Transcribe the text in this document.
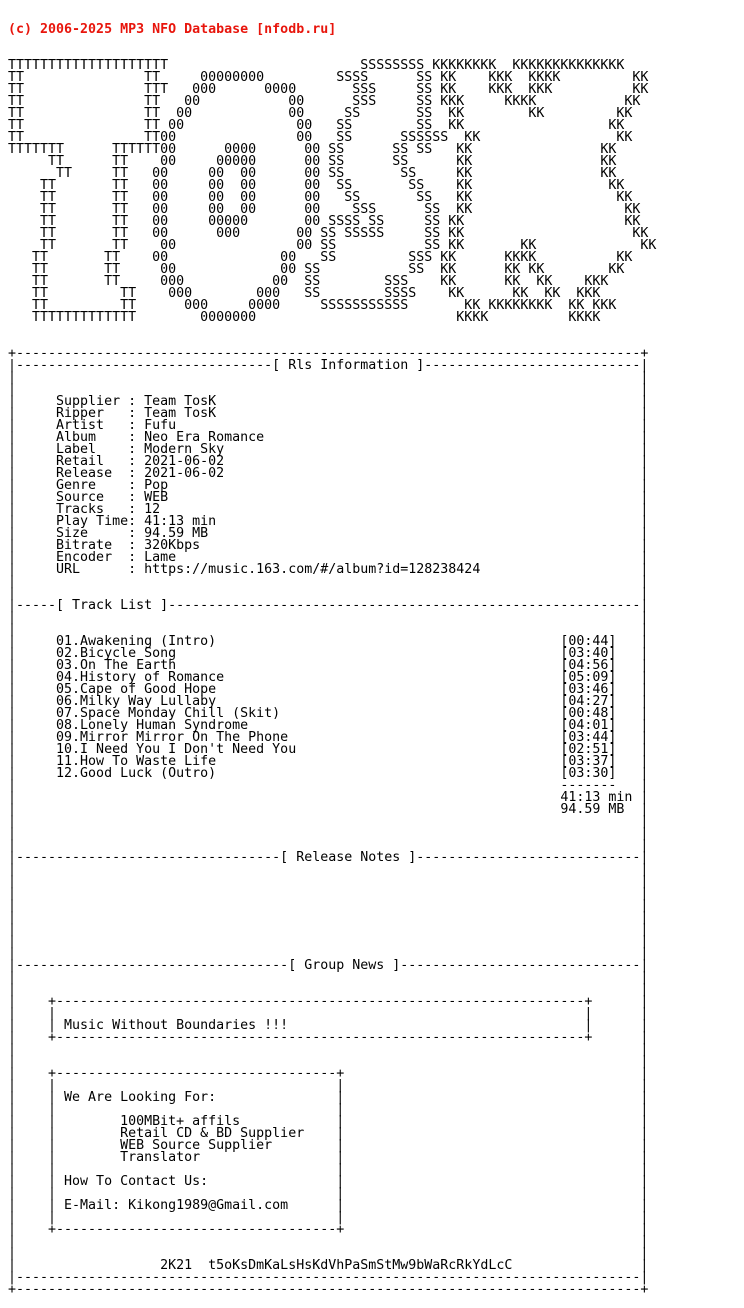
(c) 2006-2025 MP3 NFO Database [nfodb.ru]

TTTTTTTTTTTTTTTTTTTT                        SSSSSSSS KKKKKKKK  KKKKKKKKKKKKKK
TT               TT     00000000         SSSS      SS KK    KKK  KKKK         KK
TT               TTT   000      0000       SSS     SS KK    KKK  KKK          KK
TT               TT   00           00      SSS     SS KKK     KKKK           KK
TT               TT  00            00     SS       SS  KK        KK         KK
TT               TT 00              00   SS        SS  KK                  KK
TT               TT00               00   SS      SSSSSS  KK                 KK
TTTTTTT      TTTTTT00      0000      00 SS      SS SS   KK                KK
TT      TT    00     00000      00 SS      SS      KK                KK
TT     TT   00     00  00      00 SS       SS     KK                KK
TT       TT   00     00  00      00  SS       SS    KK                 KK
TT       TT   00     00  00      00   SS       SS   KK                  KK
TT       TT   00     00  00      00    SSS      SS  KK                   KK
TT       TT   00     00000       00 SSSS SS     SS KK                    KK
TT       TT   00      000       00 SS SSSSS     SS KK                     KK
TT       TT    00               00 SS           SS KK       KK             KK
TT       TT    00              00   SS         SSS KK      KKKK          KK
TT       TT     00             00 SS           SS  KK      KK KK        KK
TT       TT     000           00  SS        SSS    KK      KK  KK    KKK
TT         TT    000        000   SS        SSSS    KK      KK  KK  KKK
TT         TT      000     0000     SSSSSSSSSSS       KK KKKKKKKK  KK KKK
TTTTTTTTTTTTT        0000000                         KKKK          KKKK

+------------------------------------------------------------------------------+
|--------------------------------[ Rls Information ]---------------------------|
|                                                                              |
|                                                                              |
|     Supplier : Team TosK                                                     |
|     Ripper   : Team TosK                                                     |
|     Artist   : Fufu                                                          |
|     Album    : Neo Era Romance                                               |
|     Label    : Modern Sky                                                    |
|     Retail   : 2021-06-02                                                    |
|     Release  : 2021-06-02                                                    |
|     Genre    : Pop                                                           |
|     Source   : WEB                                                           |
|     Tracks   : 12                                                            |
|     Play Time: 41:13 min                                                     |
|     Size     : 94.59 MB                                                      |
|     Bitrate  : 320Kbps                                                       |
|     Encoder  : Lame                                                          |
|     URL      : https://music.163.com/#/album?id=128238424                    |
|                                                                              |
|                                                                              |
|-----[ Track List ]-----------------------------------------------------------|
|                                                                              |
|                                                                              |
|     01.Awakening (Intro)                                           [00:44]   |
|     02.Bicycle Song                                                [03:40]   |
|     03.On The Earth                                                [04:56]   |
|     04.History of Romance                                          [05:09]   |
|     05.Cape of Good Hope                                           [03:46]   |
|     06.Milky Way Lullaby                                           [04:27]   |
|     07.Space Monday Chill (Skit)                                   [00:48]   |
|     08.Lonely Human Syndrome                                       [04:01]   |
|     09.Mirror Mirror On The Phone                                  [03:44]   |
|     10.I Need You I Don't Need You                                 [02:51]   |
|     11.How To Waste Life                                           [03:37]   |
|     12.Good Luck (Outro)                                           [03:30]   |
|                                                                    -------   |
|                                                                    41:13 min |
|                                                                    94.59 MB  |
|                                                                              |
|                                                                              |
|                                                                              |
|---------------------------------[ Release Notes ]----------------------------|
|                                                                              |
|                                                                              |
|                                                                              |
|                                                                              |
|                                                                              |
|                                                                              |
|                                                                              |
|                                                                              |
|----------------------------------[ Group News ]------------------------------|
|                                                                              |
|                                                                              |
|    +------------------------------------------------------------------+      |
|    |                                                                  |      |
|    | Music Without Boundaries !!!                                     |      |
|    +------------------------------------------------------------------+      |
|                                                                              |
|                                                                              |
|    +-----------------------------------+                                     |
|    |                                   |                                     |
|    | We Are Looking For:               |                                     |
|    |                                   |                                     |
|    |        100MBit+ affils            |                                     |
|    |        Retail CD & BD Supplier    |                                     |
|    |        WEB Source Supplier        |                                     |
|    |        Translator                 |                                     |
|    |                                   |                                     |
|    | How To Contact Us:                |                                     |
|    |                                   |                                     |
|    | E-Mail: Kikong1989@Gmail.com      |                                     |
|    |                                   |                                     |
|    +-----------------------------------+                                     |
|                                                                              |
|                                                                              |
|                  2K21  t5oKsDmKaLsHsKdVhPaSmStMw9bWaRcRkYdLcC                |
|------------------------------------------------------------------------------|
+------------------------------------------------------------------------------+
